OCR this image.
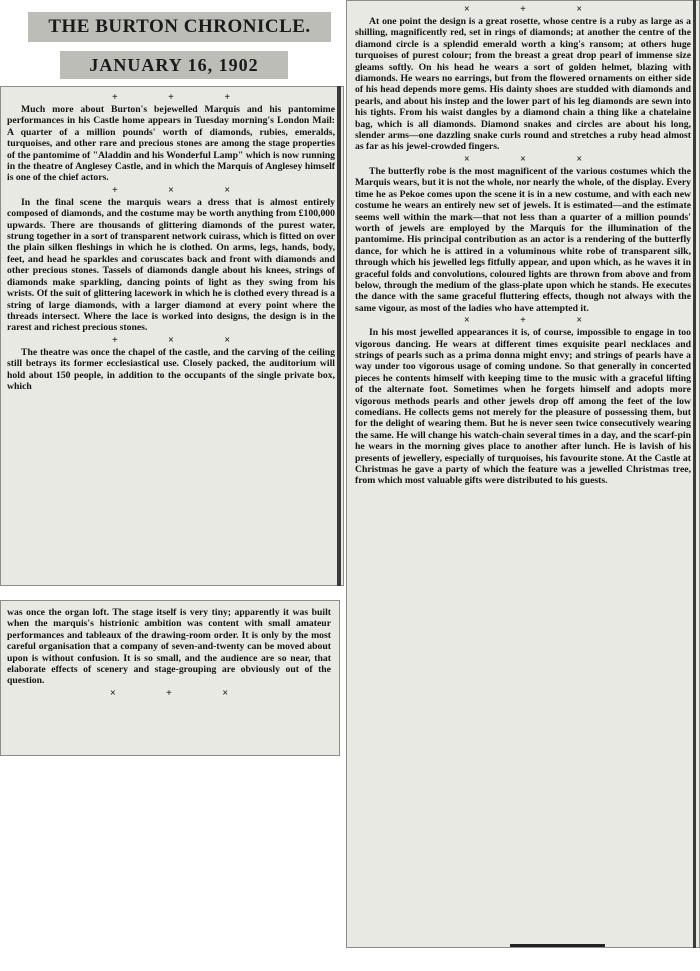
THE BURTON CHRONICLE.
JANUARY 16, 1902
+ + +

Much more about Burton's bejewelled Marquis and his pantomime performances in his Castle home appears in Tuesday morning's London Mail: A quarter of a million pounds' worth of diamonds, rubies, emeralds, turquoises, and other rare and precious stones are among the stage properties of the pantomime of "Aladdin and his Wonderful Lamp" which is now running in the theatre of Anglesey Castle, and in which the Marquis of Anglesey himself is one of the chief actors.

+ × ×

In the final scene the marquis wears a dress that is almost entirely composed of diamonds, and the costume may be worth anything from £100,000 upwards. There are thousands of glittering diamonds of the purest water, strung together in a sort of transparent network cuirass, which is fitted on over the plain silken fleshings in which he is clothed. On arms, legs, hands, body, feet, and head he sparkles and coruscates back and front with diamonds and other precious stones. Tassels of diamonds dangle about his knees, strings of diamonds make sparkling, dancing points of light as they swing from his wrists. Of the suit of glittering lacework in which he is clothed every thread is a string of large diamonds, with a larger diamond at every point where the threads intersect. Where the lace is worked into designs, the design is in the rarest and richest precious stones.

+ × ×

The theatre was once the chapel of the castle, and the carving of the ceiling still betrays its former ecclesiastical use. Closely packed, the auditorium will hold about 150 people, in addition to the occupants of the single private box, which

was once the organ loft. The stage itself is very tiny; apparently it was built when the marquis's histrionic ambition was content with small amateur performances and tableaux of the drawing-room order. It is only by the most careful organisation that a company of seven-and-twenty can be moved about upon is without confusion. It is so small, and the audience are so near, that elaborate effects of scenery and stage-grouping are obviously out of the question.

× + ×
× + ×

At one point the design is a great rosette, whose centre is a ruby as large as a shilling, magnificently red, set in rings of diamonds; at another the centre of the diamond circle is a splendid emerald worth a king's ransom; at others huge turquoises of purest colour; from the breast a great drop pearl of immense size gleams softly. On his head he wears a sort of golden helmet, blazing with diamonds. He wears no earrings, but from the flowered ornaments on either side of his head depends more gems. His dainty shoes are studded with diamonds and pearls, and about his instep and the lower part of his leg diamonds are sewn into his tights. From his waist dangles by a diamond chain a thing like a chatelaine bag, which is all diamonds. Diamond snakes and circles are about his long, slender arms—one dazzling snake curls round and stretches a ruby head almost as far as his jewel-crowded fingers.

× × ×

The butterfly robe is the most magnificent of the various costumes which the Marquis wears, but it is not the whole, nor nearly the whole, of the display. Every time he as Pekoe comes upon the scene it is in a new costume, and with each new costume he wears an entirely new set of jewels. It is estimated—and the estimate seems well within the mark—that not less than a quarter of a million pounds' worth of jewels are employed by the Marquis for the illumination of the pantomime. His principal contribution as an actor is a rendering of the butterfly dance, for which he is attired in a voluminous white robe of transparent silk, through which his jewelled legs fitfully appear, and upon which, as he waves it in graceful folds and convolutions, coloured lights are thrown from above and from below, through the medium of the glass-plate upon which he stands. He executes the dance with the same graceful fluttering effects, though not always with the same vigour, as most of the ladies who have attempted it.

× + ×

In his most jewelled appearances it is, of course, impossible to engage in too vigorous dancing. He wears at different times exquisite pearl necklaces and strings of pearls such as a prima donna might envy; and strings of pearls have a way under too vigorous usage of coming undone. So that generally in concerted pieces he contents himself with keeping time to the music with a graceful lifting of the alternate foot. Sometimes when he forgets himself and adopts more vigorous methods pearls and other jewels drop off among the feet of the low comedians. He collects gems not merely for the pleasure of possessing them, but for the delight of wearing them. But he is never seen twice consecutively wearing the same. He will change his watch-chain several times in a day, and the scarf-pin he wears in the morning gives place to another after lunch. He is lavish of his presents of jewellery, especially of turquoises, his favourite stone. At the Castle at Christmas he gave a party of which the feature was a jewelled Christmas tree, from which most valuable gifts were distributed to his guests.
